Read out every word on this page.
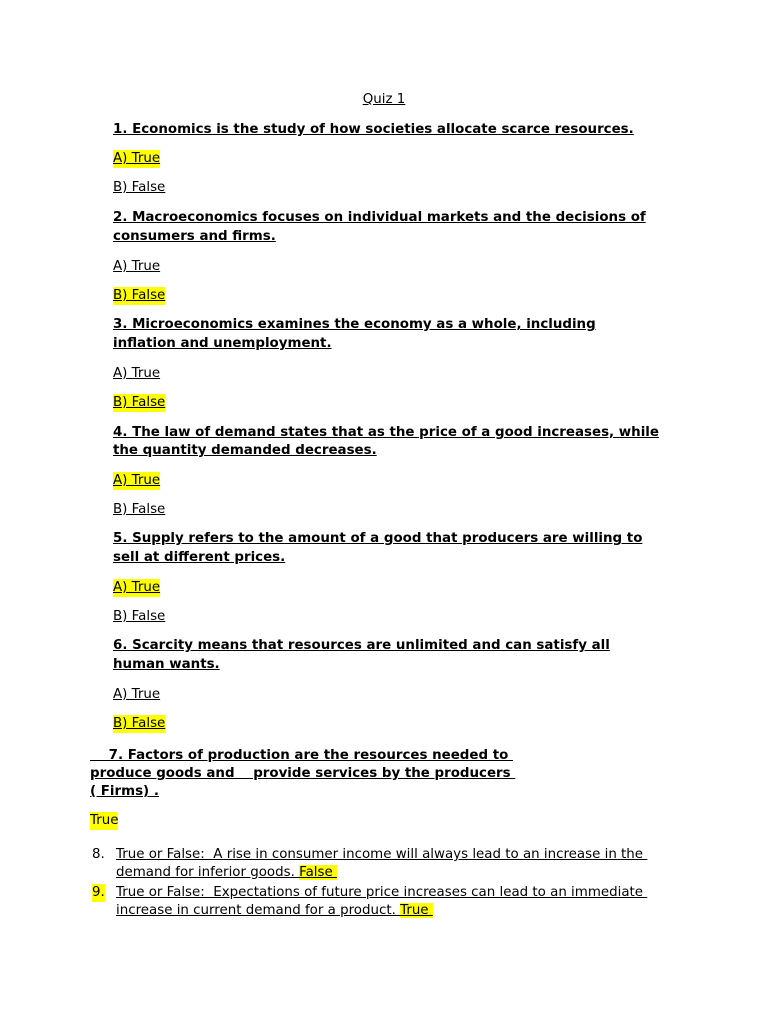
Quiz 1
1. Economics is the study of how societies allocate scarce resources.
A) True
B) False
2. Macroeconomics focuses on individual markets and the decisions of
consumers and firms.
A) True
B) False
3. Microeconomics examines the economy as a whole, including
inflation and unemployment.
A) True
B) False
4. The law of demand states that as the price of a good increases, while
the quantity demanded decreases.
A) True
B) False
5. Supply refers to the amount of a good that producers are willing to
sell at different prices.
A) True
B) False
6. Scarcity means that resources are unlimited and can satisfy all
human wants.
A) True
B) False
7. Factors of production are the resources needed to
produce goods and    provide services by the producers
( Firms) .
True
8. True or False:  A rise in consumer income will always lead to an increase in the
demand for inferior goods. False
9. True or False:  Expectations of future price increases can lead to an immediate
increase in current demand for a product. True
